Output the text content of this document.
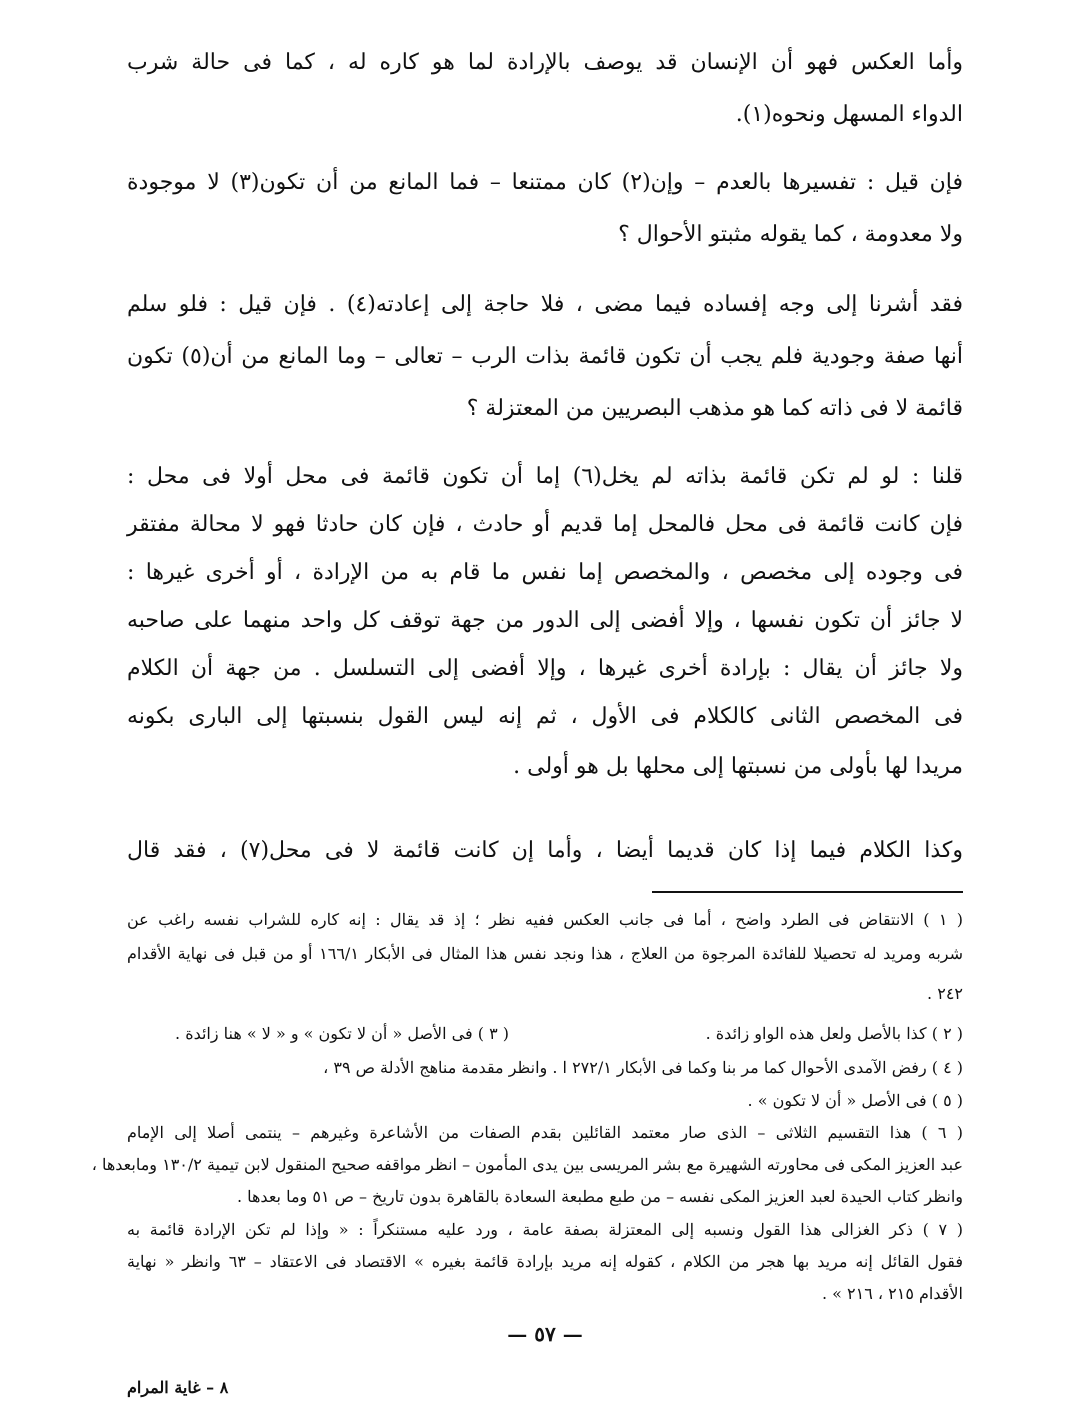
وأما العكس فهو أن الإنسان قد يوصف بالإرادة لما هو كاره له ، كما فى حالة شرب
الدواء المسهل ونحوه(١).
فإن قيل : تفسيرها بالعدم – وإن(٢) كان ممتنعا – فما المانع من أن تكون(٣) لا موجودة
ولا معدومة ، كما يقوله مثبتو الأحوال ؟
فقد أشرنا إلى وجه إفساده فيما مضى ، فلا حاجة إلى إعادته(٤) . فإن قيل : فلو سلم
أنها صفة وجودية فلم يجب أن تكون قائمة بذات الرب – تعالى – وما المانع من أن(٥) تكون
قائمة لا فى ذاته كما هو مذهب البصريين من المعتزلة ؟
قلنا : لو لم تكن قائمة بذاته لم يخل(٦) إما أن تكون قائمة فى محل أولا فى محل :
فإن كانت قائمة فى محل فالمحل إما قديم أو حادث ، فإن كان حادثا فهو لا محالة مفتقر
فى وجوده إلى مخصص ، والمخصص إما نفس ما قام به من الإرادة ، أو أخرى غيرها :
لا جائز أن تكون نفسها ، وإلا أفضى إلى الدور من جهة توقف كل واحد منهما على صاحبه
ولا جائز أن يقال : بإرادة أخرى غيرها ، وإلا أفضى إلى التسلسل . من جهة أن الكلام
فى المخصص الثانى كالكلام فى الأول ، ثم إنه ليس القول بنسبتها إلى البارى بكونه
مريدا لها بأولى من نسبتها إلى محلها بل هو أولى .
وكذا الكلام فيما إذا كان قديما أيضا ، وأما إن كانت قائمة لا فى محل(٧) ، فقد قال
( ١ ) الانتقاض فى الطرد واضح ، أما فى جانب العكس ففيه نظر ؛ إذ قد يقال : إنه كاره للشراب نفسه راغب عن
شربه ومريد له تحصيلا للفائدة المرجوة من العلاج ، هذا ونجد نفس هذا المثال فى الأبكار ١٦٦/١ أو من قبل فى نهاية الأقدام
٢٤٢ .
( ٢ ) كذا بالأصل ولعل هذه الواو زائدة .
( ٣ ) فى الأصل « أن لا تكون » و « لا » هنا زائدة .
( ٤ ) رفض الآمدى الأحوال كما مر بنا وكما فى الأبكار ٢٧٢/١ ا . وانظر مقدمة مناهج الأدلة ص ٣٩ ،
( ٥ ) فى الأصل « أن لا تكون » .
( ٦ ) هذا التقسيم الثلاثى – الذى صار معتمد القائلين بقدم الصفات من الأشاعرة وغيرهم – ينتمى أصلا إلى الإمام
عبد العزيز المكى فى محاورته الشهيرة مع بشر المريسى بين يدى المأمون – انظر مواقفه صحيح المنقول لابن تيمية ١٣٠/٢ ومابعدها ،
وانظر كتاب الحيدة لعبد العزيز المكى نفسه – من طبع مطبعة السعادة بالقاهرة بدون تاريخ – ص ٥١ وما بعدها .
( ٧ ) ذكر الغزالى هذا القول ونسبه إلى المعتزلة بصفة عامة ، ورد عليه مستنكراً : « وإذا لم تكن الإرادة قائمة به
فقول القائل إنه مريد بها هجر من الكلام ، كقوله إنه مريد بإرادة قائمة بغيره » الاقتصاد فى الاعتقاد – ٦٣ وانظر « نهاية
الأقدام ٢١٥ ، ٢١٦ » .
— ٥٧ —
٨ – غاية المرام
